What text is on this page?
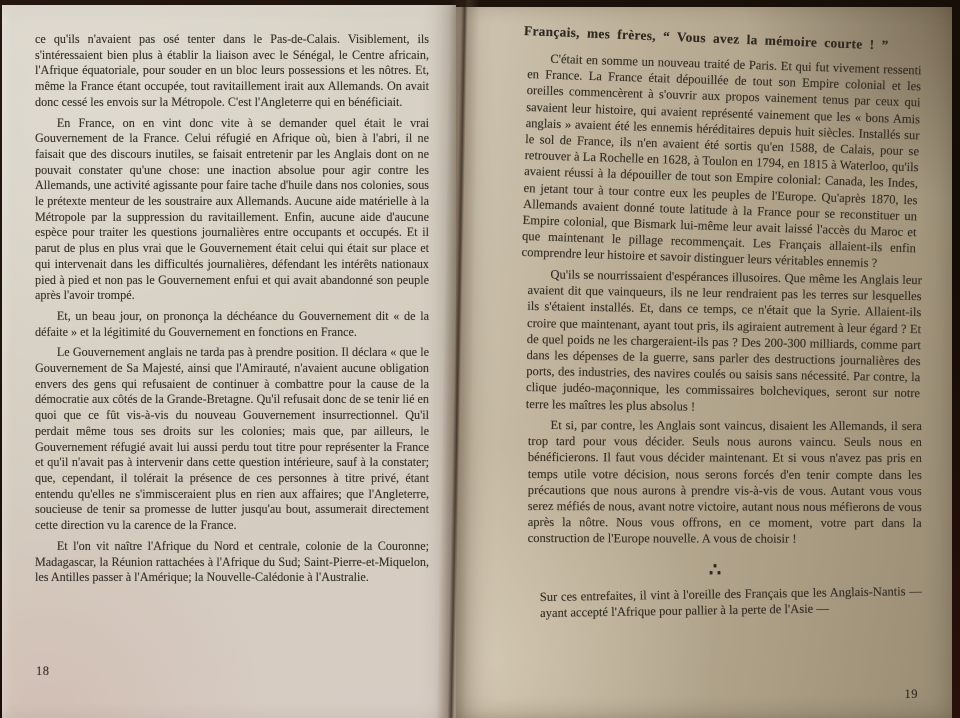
ce qu'ils n'avaient pas osé tenter dans le Pas-de-Calais. Visiblement, ils s'intéressaient bien plus à établir la liaison avec le Sénégal, le Centre africain, l'Afrique équatoriale, pour souder en un bloc leurs possessions et les nôtres. Et, même la France étant occupée, tout ravitaillement irait aux Allemands. On avait donc cessé les envois sur la Métropole. C'est l'Angleterre qui en bénéficiait.

En France, on en vint donc vite à se demander quel était le vrai Gouvernement de la France. Celui réfugié en Afrique où, bien à l'abri, il ne faisait que des discours inutiles, se faisait entretenir par les Anglais dont on ne pouvait constater qu'une chose: une inaction absolue pour agir contre les Allemands, une activité agissante pour faire tache d'huile dans nos colonies, sous le prétexte menteur de les soustraire aux Allemands. Aucune aide matérielle à la Métropole par la suppression du ravitaillement. Enfin, aucune aide d'aucune espèce pour traiter les questions journalières entre occupants et occupés. Et il parut de plus en plus vrai que le Gouvernement était celui qui était sur place et qui intervenait dans les difficultés journalières, défendant les intérêts nationaux pied à pied et non pas le Gouvernement enfui et qui avait abandonné son peuple après l'avoir trompé.

Et, un beau jour, on prononça la déchéance du Gouvernement dit « de la défaite » et la légitimité du Gouvernement en fonctions en France.

Le Gouvernement anglais ne tarda pas à prendre position. Il déclara « que le Gouvernement de Sa Majesté, ainsi que l'Amirauté, n'avaient aucune obligation envers des gens qui refusaient de continuer à combattre pour la cause de la démocratie aux côtés de la Grande-Bretagne. Qu'il refusait donc de se tenir lié en quoi que ce fût vis-à-vis du nouveau Gouvernement insurrectionnel. Qu'il perdait même tous ses droits sur les colonies; mais que, par ailleurs, le Gouvernement réfugié avait lui aussi perdu tout titre pour représenter la France et qu'il n'avait pas à intervenir dans cette question intérieure, sauf à la constater; que, cependant, il tolérait la présence de ces personnes à titre privé, étant entendu qu'elles ne s'immisceraient plus en rien aux affaires; que l'Angleterre, soucieuse de tenir sa promesse de lutter jusqu'au bout, assumerait directement cette direction vu la carence de la France.

Et l'on vit naître l'Afrique du Nord et centrale, colonie de la Couronne; Madagascar, la Réunion rattachées à l'Afrique du Sud; Saint-Pierre-et-Miquelon, les Antilles passer à l'Amérique; la Nouvelle-Calédonie à l'Australie.

18
Français, mes frères, “ Vous avez la mémoire courte ! ”

C'était en somme un nouveau traité de Paris. Et qui fut vivement ressenti en France. La France était dépouillée de tout son Empire colonial et les oreilles commencèrent à s'ouvrir aux propos vainement tenus par ceux qui savaient leur histoire, qui avaient représenté vainement que les « bons Amis anglais » avaient été les ennemis héréditaires depuis huit siècles. Installés sur le sol de France, ils n'en avaient été sortis qu'en 1588, de Calais, pour se retrouver à La Rochelle en 1628, à Toulon en 1794, en 1815 à Waterloo, qu'ils avaient réussi à la dépouiller de tout son Empire colonial: Canada, les Indes, en jetant tour à tour contre eux les peuples de l'Europe. Qu'après 1870, les Allemands avaient donné toute latitude à la France pour se reconstituer un Empire colonial, que Bismark lui-même leur avait laissé l'accès du Maroc et que maintenant le pillage recommençait. Les Français allaient-ils enfin comprendre leur histoire et savoir distinguer leurs véritables ennemis ?

Qu'ils se nourrissaient d'espérances illusoires. Que même les Anglais leur avaient dit que vainqueurs, ils ne leur rendraient pas les terres sur lesquelles ils s'étaient installés. Et, dans ce temps, ce n'était que la Syrie. Allaient-ils croire que maintenant, ayant tout pris, ils agiraient autrement à leur égard ? Et de quel poids ne les chargeraient-ils pas ? Des 200-300 milliards, comme part dans les dépenses de la guerre, sans parler des destructions journalières des ports, des industries, des navires coulés ou saisis sans nécessité. Par contre, la clique judéo-maçonnique, les commissaires bolcheviques, seront sur notre terre les maîtres les plus absolus !

Et si, par contre, les Anglais sont vaincus, disaient les Allemands, il sera trop tard pour vous décider. Seuls nous aurons vaincu. Seuls nous en bénéficierons. Il faut vous décider maintenant. Et si vous n'avez pas pris en temps utile votre décision, nous serons forcés d'en tenir compte dans les précautions que nous aurons à prendre vis-à-vis de vous. Autant vous vous serez méfiés de nous, avant notre victoire, autant nous nous méfierons de vous après la nôtre. Nous vous offrons, en ce moment, votre part dans la construction de l'Europe nouvelle. A vous de choisir !

∴

Sur ces entrefaites, il vint à l'oreille des Français que les Anglais-Nantis — ayant accepté l'Afrique pour pallier à la perte de l'Asie —

19
